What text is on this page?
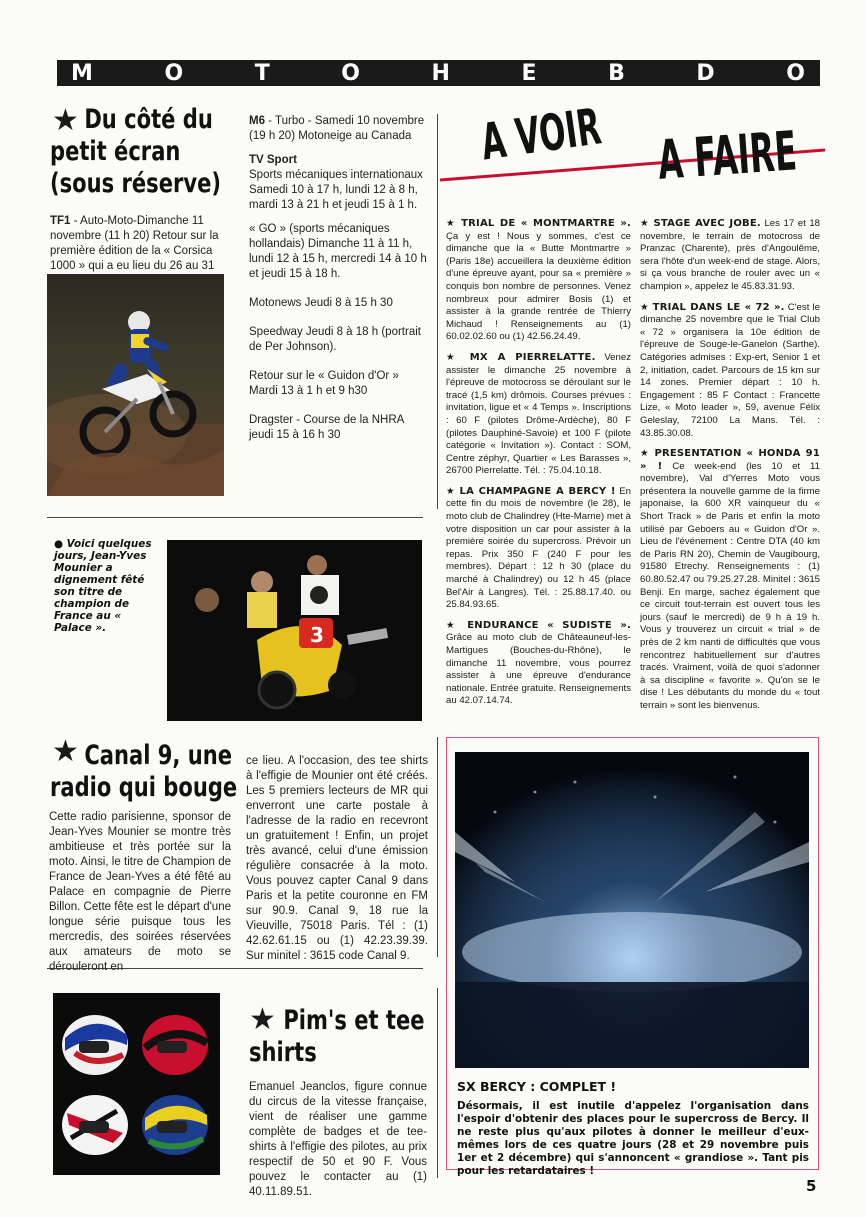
M	O	T	O	H	E	B	D	O
★ Du côté du petit écran (sous réserve)

TF1 - Auto-Moto-Dimanche 11 novembre (11 h 20) Retour sur la première édition de la « Corsica 1000 » qui a eu lieu du 26 au 31

M6 - Turbo - Samedi 10 novembre (19 h 20) Motoneige au Canada

TV Sport
Sports mécaniques internationaux Samedi 10 à 17 h, lundi 12 à 8 h, mardi 13 à 21 h et jeudi 15 à 1 h.

« GO » (sports mécaniques hollandais) Dimanche 11 à 11 h, lundi 12 à 15 h, mercredi 14 à 10 h et jeudi 15 à 18 h.

Motonews Jeudi 8 à 15 h 30

Speedway Jeudi 8 à 18 h (portrait de Per Johnson).

Retour sur le « Guidon d'Or » Mardi 13 à 1 h et 9 h30

Dragster - Course de la NHRA jeudi 15 à 16 h 30

● Voici quelques jours, Jean-Yves Mounier a dignement fêté son titre de champion de France au « Palace ».	3
★ Canal 9, une radio qui bouge
Cette radio parisienne, sponsor de Jean-Yves Mounier se montre très ambitieuse et très portée sur la moto. Ainsi, le titre de Champion de France de Jean-Yves a été fêté au Palace en compagnie de Pierre Billon. Cette fête est le départ d'une longue série puisque tous les mercredis, des soirées réservées aux amateurs de moto se dérouleront en
ce lieu. A l'occasion, des tee shirts à l'effigie de Mounier ont été créés. Les 5 premiers lecteurs de MR qui enverront une carte postale à l'adresse de la radio en recevront un gratuitement ! Enfin, un projet très avancé, celui d'une émission régulière consacrée à la moto. Vous pouvez capter Canal 9 dans Paris et la petite couronne en FM sur 90.9. Canal 9, 18 rue la Vieuville, 75018 Paris. Tél : (1) 42.62.61.15 ou (1) 42.23.39.39. Sur minitel : 3615 code Canal 9.
★ Pim's et tee shirts
Emanuel Jeanclos, figure connue du circus de la vitesse française, vient de réaliser une gamme complète de badges et de tee-shirts à l'effigie des pilotes, au prix respectif de 50 et 90 F. Vous pouvez le contacter au (1) 40.11.89.51.
A VOIR A FAIRE
★ TRIAL DE « MONTMARTRE ». Ça y est ! Nous y sommes, c'est ce dimanche que la « Butte Montmartre » (Paris 18e) accueillera la deuxième édition d'une épreuve ayant, pour sa « première » conquis bon nombre de personnes. Venez nombreux pour admirer Bosis (1) et assister à la grande rentrée de Thierry Michaud ! Renseignements au (1) 60.02.02.60 ou (1) 42.56.24.49.
★ MX A PIERRELATTE. Venez assister le dimanche 25 novembre à l'épreuve de motocross se déroulant sur le tracé (1,5 km) drômois. Courses prévues : invitation, ligue et « 4 Temps ». Inscriptions : 60 F (pilotes Drôme-Ardèche), 80 F (pilotes Dauphiné-Savoie) et 100 F (pilote catégorie « Invitation »). Contact : SOM, Centre zéphyr, Quartier « Les Barasses », 26700 Pierrelatte. Tél. : 75.04.10.18.
★ LA CHAMPAGNE A BERCY ! En cette fin du mois de novembre (le 28), le moto club de Chalindrey (Hte-Marne) met à votre disposition un car pour assister à la première soirée du supercross. Prévoir un repas. Prix 350 F (240 F pour les membres). Départ : 12 h 30 (place du marché à Chalindrey) ou 12 h 45 (place Bel'Air à Langres). Tél. : 25.88.17.40. ou 25.84.93.65.
★ ENDURANCE « SUDISTE ». Grâce au moto club de Châteauneuf-les-Martigues (Bouches-du-Rhône), le dimanche 11 novembre, vous pourrez assister à une épreuve d'endurance nationale. Entrée gratuite. Renseignements au 42.07.14.74.
★ STAGE AVEC JOBE. Les 17 et 18 novembre, le terrain de motocross de Pranzac (Charente), près d'Angoulême, sera l'hôte d'un week-end de stage. Alors, si ça vous branche de rouler avec un « champion », appelez le 45.83.31.93.
★ TRIAL DANS LE « 72 ». C'est le dimanche 25 novembre que le Trial Club « 72 » organisera la 10e édition de l'épreuve de Souge-le-Ganelon (Sarthe). Catégories admises : Exp-ert, Senior 1 et 2, initiation, cadet. Parcours de 15 km sur 14 zones. Premier départ : 10 h. Engagement : 85 F Contact : Francette Lize, « Moto leader », 59, avenue Félix Geleslay, 72100 La Mans. Tél. : 43.85.30.08.
★ PRESENTATION « HONDA 91 » ! Ce week-end (les 10 et 11 novembre), Val d'Yerres Moto vous présentera la nouvelle gamme de la firme japonaise, la 600 XR vainqueur du « Short Track » de Paris et enfin la moto utilisé par Geboers au « Guidon d'Or ». Lieu de l'événement : Centre DTA (40 km de Paris RN 20), Chemin de Vaugibourg, 91580 Etrechy. Renseignements : (1) 60.80.52.47 ou 79.25.27.28. Minitel : 3615 Benji. En marge, sachez également que ce circuit tout-terrain est ouvert tous les jours (sauf le mercredi) de 9 h à 19 h. Vous y trouverez un circuit « trial » de près de 2 km nanti de difficultés que vous rencontrez habituellement sur d'autres tracés. Vraiment, voilà de quoi s'adonner à sa discipline « favorite ». Qu'on se le dise ! Les débutants du monde du « tout terrain » sont les bienvenus.
SX BERCY : COMPLET !
Désormais, il est inutile d'appelez l'organisation dans l'espoir d'obtenir des places pour le supercross de Bercy. Il ne reste plus qu'aux pilotes à donner le meilleur d'eux-mêmes lors de ces quatre jours (28 et 29 novembre puis 1er et 2 décembre) qui s'annoncent « grandiose ». Tant pis pour les retardataires !
5
